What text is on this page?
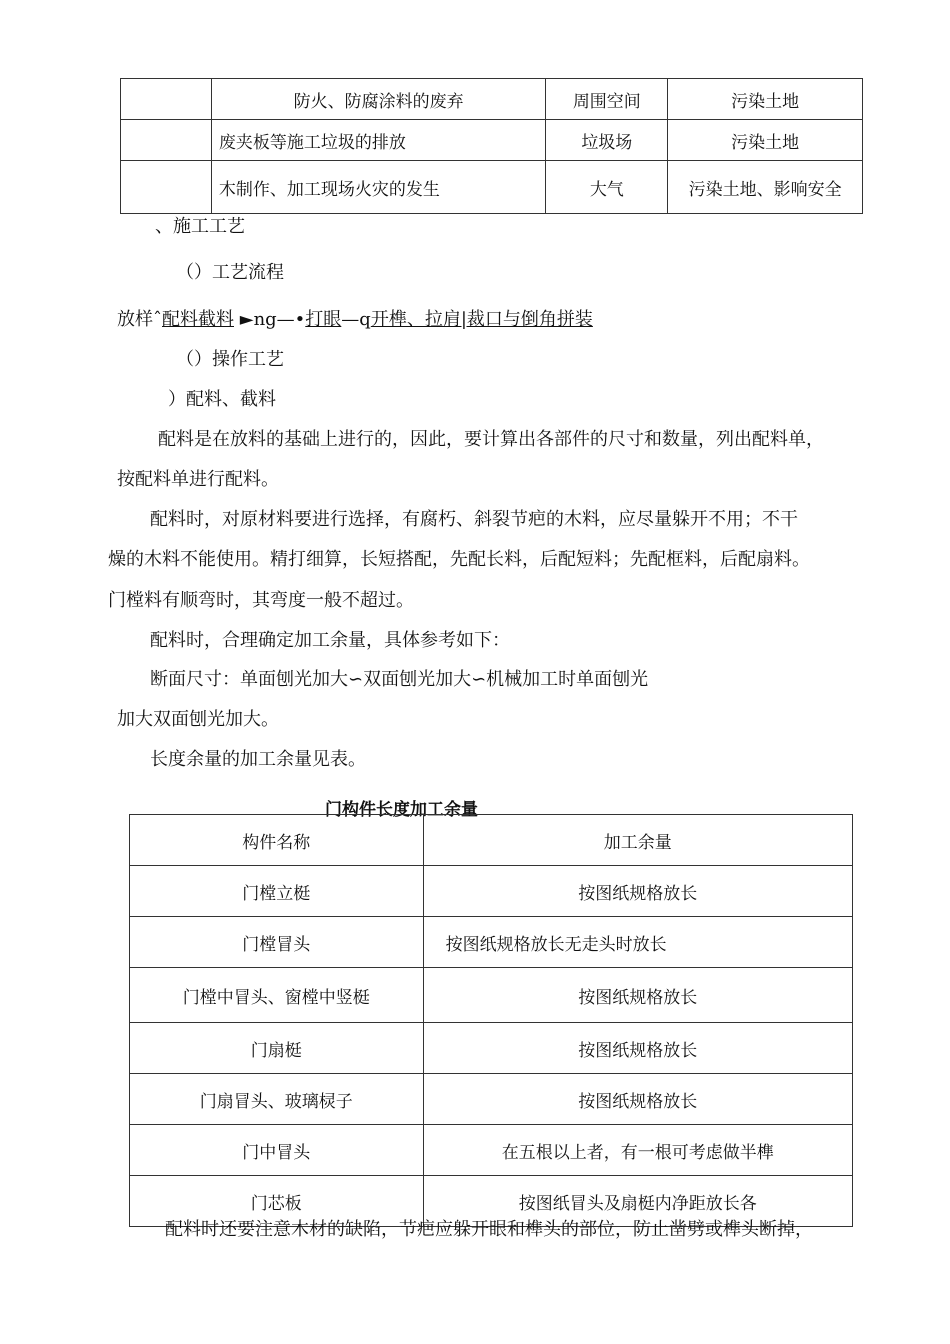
	防火、防腐涂料的废弃	周围空间	污染土地
	废夹板等施工垃圾的排放	垃圾场	污染土地
	木制作、加工现场火灾的发生	大气	污染土地、影响安全
、施工工艺
（）工艺流程
放样ˆ配料截料 ►ng—•打眼—q开榫、拉肩|裁口与倒角拼装
（）操作工艺
）配料、截料
配料是在放料的基础上进行的，因此，要计算出各部件的尺寸和数量，列出配料单，
按配料单进行配料。
配料时，对原材料要进行选择，有腐朽、斜裂节疤的木料，应尽量躲开不用；不干
燥的木料不能使用。精打细算，长短搭配，先配长料，后配短料；先配框料，后配扇料。
门樘料有顺弯时，其弯度一般不超过。
配料时，合理确定加工余量，具体参考如下：
断面尺寸：单面刨光加大∽双面刨光加大∽机械加工时单面刨光
加大双面刨光加大。
长度余量的加工余量见表。
门构件长度加工余量
构件名称	加工余量
门樘立梃	按图纸规格放长
门樘冒头	按图纸规格放长无走头时放长
门樘中冒头、窗樘中竖梃	按图纸规格放长
门扇梃	按图纸规格放长
门扇冒头、玻璃棂子	按图纸规格放长
门中冒头	在五根以上者，有一根可考虑做半榫
门芯板	按图纸冒头及扇梃内净距放长各
配料时还要注意木材的缺陷，节疤应躲开眼和榫头的部位，防止凿劈或榫头断掉，
